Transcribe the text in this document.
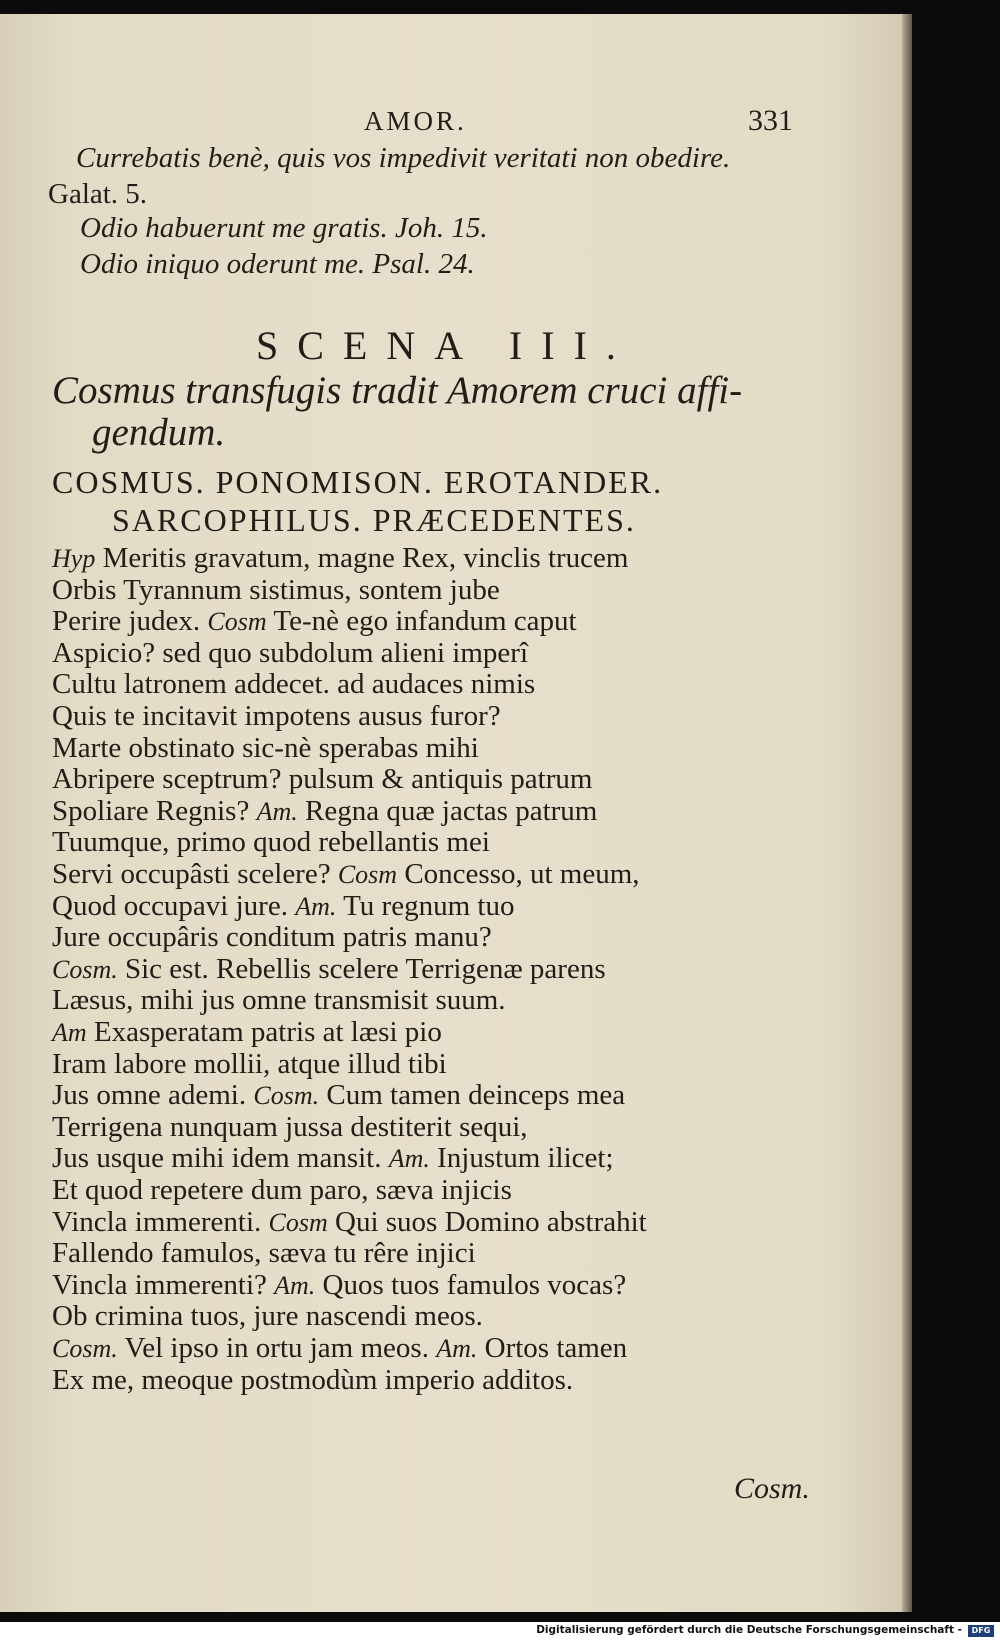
AMOR.	331
Currebatis benè, quis vos impedivit veritati non obedire.
Galat. 5.
Odio habuerunt me gratis. Joh. 15.
Odio iniquo oderunt me. Psal. 24.
SCENA III.
Cosmus transfugis tradit Amorem cruci affi-
gendum.
COSMUS. PONOMISON. EROTANDER.
SARCOPHILUS. PRÆCEDENTES.
Hyp Meritis gravatum, magne Rex, vinclis trucem
Orbis Tyrannum sistimus, sontem jube
Perire judex. Cosm Te-nè ego infandum caput
Aspicio? sed quo subdolum alieni imperî
Cultu latronem addecet. ad audaces nimis
Quis te incitavit impotens ausus furor?
Marte obstinato sic-nè sperabas mihi
Abripere sceptrum? pulsum & antiquis patrum
Spoliare Regnis? Am. Regna quæ jactas patrum
Tuumque, primo quod rebellantis mei
Servi occupâsti scelere? Cosm Concesso, ut meum,
Quod occupavi jure. Am. Tu regnum tuo
Jure occupâris conditum patris manu?
Cosm. Sic est. Rebellis scelere Terrigenæ parens
Læsus, mihi jus omne transmisit suum.
Am Exasperatam patris at læsi pio
Iram labore mollii, atque illud tibi
Jus omne ademi. Cosm. Cum tamen deinceps mea
Terrigena nunquam jussa destiterit sequi,
Jus usque mihi idem mansit. Am. Injustum ilicet;
Et quod repetere dum paro, sæva injicis
Vincla immerenti. Cosm Qui suos Domino abstrahit
Fallendo famulos, sæva tu rêre injici
Vincla immerenti? Am. Quos tuos famulos vocas?
Ob crimina tuos, jure nascendi meos.
Cosm. Vel ipso in ortu jam meos. Am. Ortos tamen
Ex me, meoque postmodùm imperio additos.
Cosm.
Digitalisierung gefördert durch die Deutsche Forschungsgemeinschaft -	DFG
